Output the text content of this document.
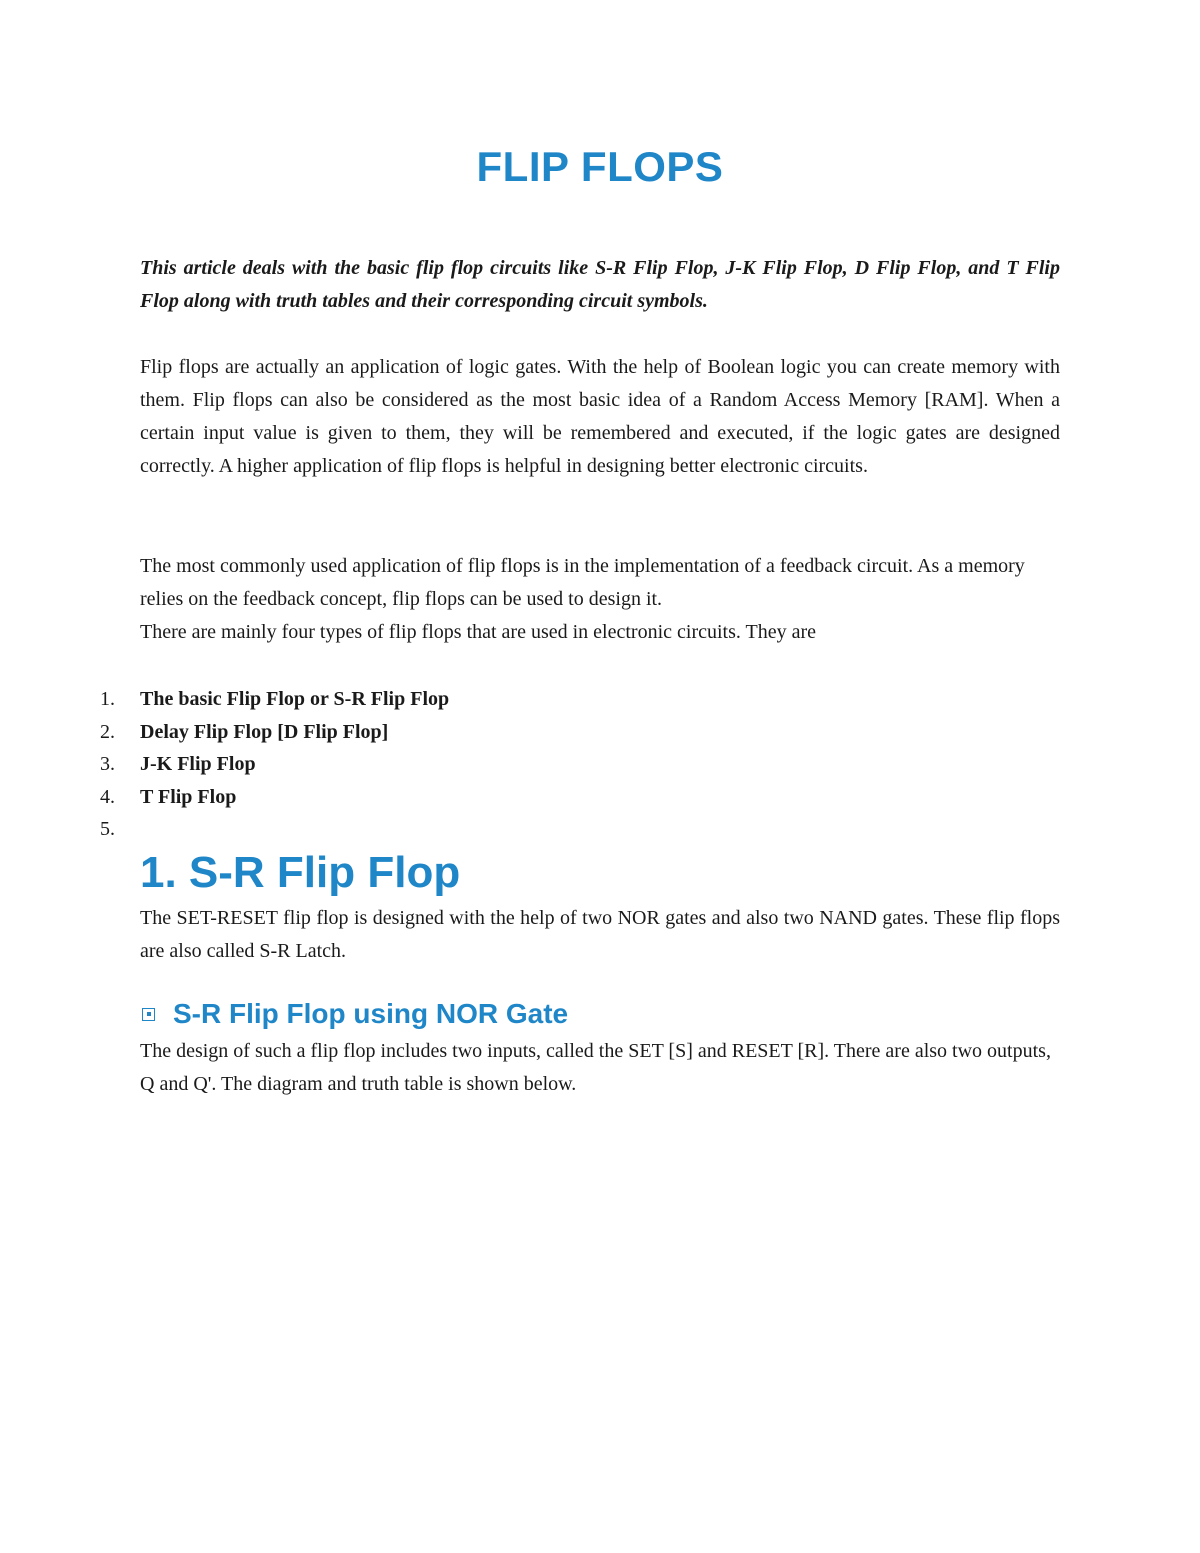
FLIP FLOPS

This article deals with the basic flip flop circuits like S-R Flip Flop, J-K Flip Flop, D Flip Flop, and T Flip Flop along with truth tables and their corresponding circuit symbols.

Flip flops are actually an application of logic gates. With the help of Boolean logic you can create memory with them. Flip flops can also be considered as the most basic idea of a Random Access Memory [RAM]. When a certain input value is given to them, they will be remembered and executed, if the logic gates are designed correctly. A higher application of flip flops is helpful in designing better electronic circuits.

The most commonly used application of flip flops is in the implementation of a feedback circuit. As a memory relies on the feedback concept, flip flops can be used to design it.

There are mainly four types of flip flops that are used in electronic circuits. They are

1.	The basic Flip Flop or S-R Flip Flop
2.	Delay Flip Flop [D Flip Flop]
3.	J-K Flip Flop
4.	T Flip Flop
5.
1. S-R Flip Flop

The SET-RESET flip flop is designed with the help of two NOR gates and also two NAND gates. These flip flops are also called S-R Latch.

S-R Flip Flop using NOR Gate

The design of such a flip flop includes two inputs, called the SET [S] and RESET [R]. There are also two outputs, Q and Q'. The diagram and truth table is shown below.
